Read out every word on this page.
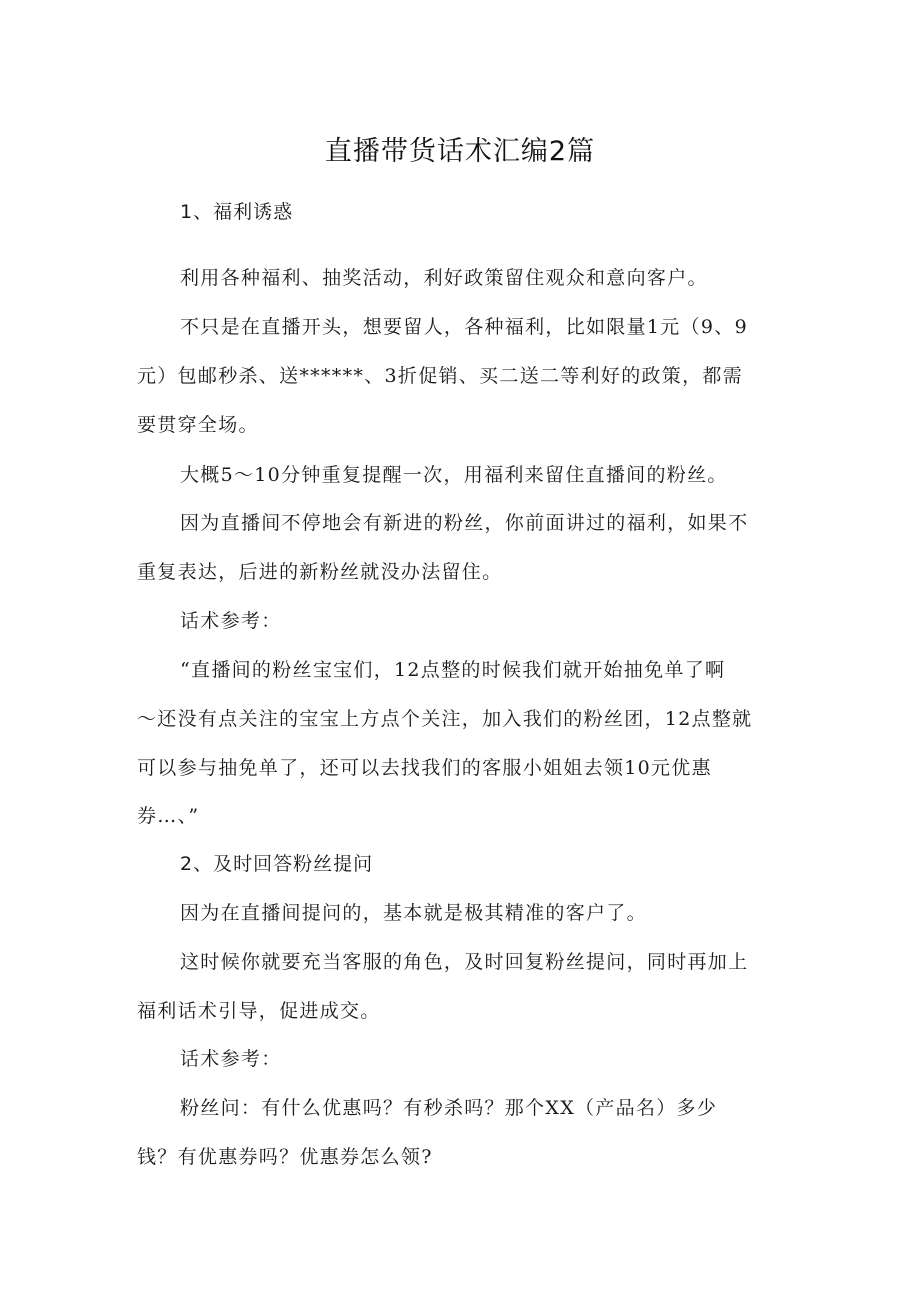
直播带货话术汇编2篇
1、福利诱惑
利用各种福利、抽奖活动，利好政策留住观众和意向客户。
不只是在直播开头，想要留人，各种福利，比如限量1元（9、9
元）包邮秒杀、送******、3折促销、买二送二等利好的政策，都需
要贯穿全场。
大概5～10分钟重复提醒一次，用福利来留住直播间的粉丝。
因为直播间不停地会有新进的粉丝，你前面讲过的福利，如果不
重复表达，后进的新粉丝就没办法留住。
话术参考：
“直播间的粉丝宝宝们，12点整的时候我们就开始抽免单了啊
～还没有点关注的宝宝上方点个关注，加入我们的粉丝团，12点整就
可以参与抽免单了，还可以去找我们的客服小姐姐去领10元优惠
券…、”
2、及时回答粉丝提问
因为在直播间提问的，基本就是极其精准的客户了。
这时候你就要充当客服的角色，及时回复粉丝提问，同时再加上
福利话术引导，促进成交。
话术参考：
粉丝问：有什么优惠吗？有秒杀吗？那个XX（产品名）多少
钱？有优惠券吗？优惠券怎么领?
